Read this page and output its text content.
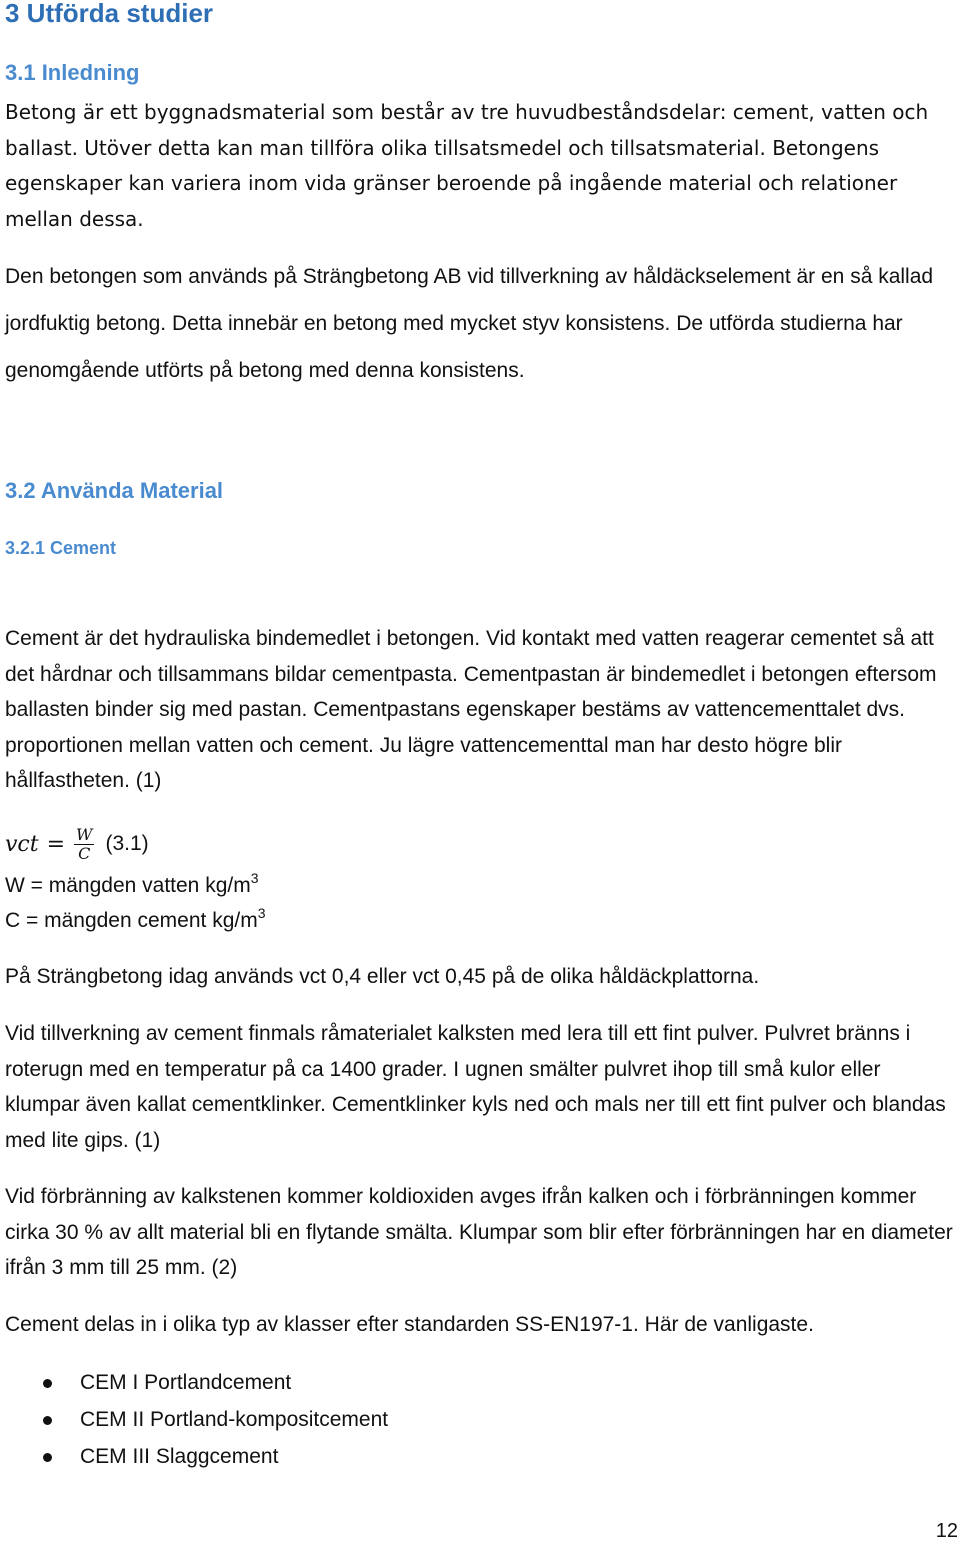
3 Utförda studier
3.1 Inledning

Betong är ett byggnadsmaterial som består av tre huvudbeståndsdelar: cement, vatten och ballast. Utöver detta kan man tillföra olika tillsatsmedel och tillsatsmaterial. Betongens egenskaper kan variera inom vida gränser beroende på ingående material och relationer mellan dessa.

Den betongen som används på Strängbetong AB vid tillverkning av håldäckselement är en så kallad jordfuktig betong. Detta innebär en betong med mycket styv konsistens. De utförda studierna har genomgående utförts på betong med denna konsistens.

3.2 Använda Material
3.2.1 Cement

Cement är det hydrauliska bindemedlet i betongen. Vid kontakt med vatten reagerar cementet så att det hårdnar och tillsammans bildar cementpasta. Cementpastan är bindemedlet i betongen eftersom ballasten binder sig med pastan. Cementpastans egenskaper bestäms av vattencementtalet dvs. proportionen mellan vatten och cement. Ju lägre vattencementtal man har desto högre blir hållfastheten. (1)

vct = $\frac{W}{C} (3.1)$
W = mängden vatten $kg/m^3$
C = mängden cement $kg/m^3$

På Strängbetong idag används vct 0,4 eller vct 0,45 på de olika håldäckplattorna.

Vid tillverkning av cement finmals råmaterialet kalksten med lera till ett fint pulver. Pulvret bränns i roterugn med en temperatur på ca 1400 grader. I ugnen smälter pulvret ihop till små kulor eller klumpar även kallat cementklinker. Cementklinker kyls ned och mals ner till ett fint pulver och blandas med lite gips. (1)

Vid förbränning av kalkstenen kommer koldioxiden avges ifrån kalken och i förbränningen kommer cirka 30 % av allt material bli en flytande smälta. Klumpar som blir efter förbränningen har en diameter ifrån 3 mm till 25 mm. (2)

Cement delas in i olika typ av klasser efter standarden SS-EN197-1. Här de vanligaste.

CEM I Portlandcement
CEM II Portland-kompositcement
CEM III Slaggcement
12
